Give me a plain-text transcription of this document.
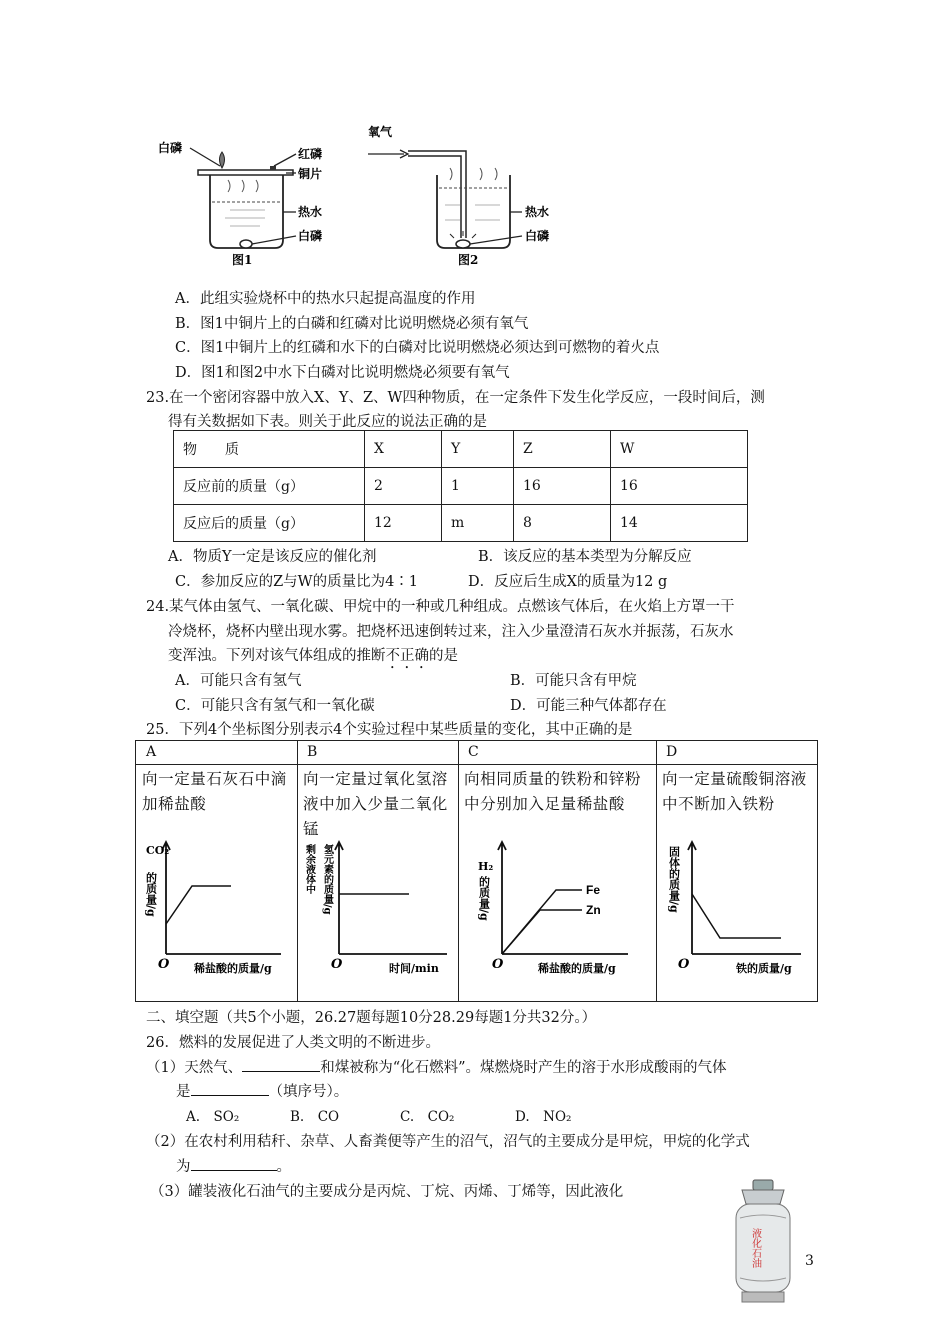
白磷	红磷
铜片
热水
白磷
图1
氧气
热水
白磷
图2
A．此组实验烧杯中的热水只起提高温度的作用
B．图1中铜片上的白磷和红磷对比说明燃烧必须有氧气
C．图1中铜片上的红磷和水下的白磷对比说明燃烧必须达到可燃物的着火点
D．图1和图2中水下白磷对比说明燃烧必须要有氧气
23.在一个密闭容器中放入X、Y、Z、W四种物质，在一定条件下发生化学反应，一段时间后，测
得有关数据如下表。则关于此反应的说法正确的是
物　　质	X	Y	Z	W
反应前的质量（g）	2	1	16	16
反应后的质量（g）	12	m	8	14
A．物质Y一定是该反应的催化剂	B．该反应的基本类型为分解反应
C．参加反应的Z与W的质量比为4∶1	D．反应后生成X的质量为12 g
24.某气体由氢气、一氧化碳、甲烷中的一种或几种组成。点燃该气体后，在火焰上方罩一干
冷烧杯，烧杯内壁出现水雾。把烧杯迅速倒转过来，注入少量澄清石灰水并振荡，石灰水
变浑浊。下列对该气体组成的推断不正确的是
A．可能只含有氢气	B．可能只含有甲烷
C．可能只含有氢气和一氧化碳	D．可能三种气体都存在
25．下列4个坐标图分别表示4个实验过程中某些质量的变化，其中正确的是
A
向一定量石灰石中滴加稀盐酸
CO₂
的质量/g
O 稀盐酸的质量/g
B
向一定量过氧化氢溶液中加入少量二氧化锰
剩余液体中 氢元素的质量/g
O	时间/min
C
向相同质量的铁粉和锌粉中分别加入足量稀盐酸
Fe
Zn
H₂
的质量/g
O	稀盐酸的质量/g
D
向一定量硫酸铜溶液中不断加入铁粉
固体的质量/g
O	铁的质量/g
二、填空题（共5个小题，26.27题每题10分28.29每题1分共32分。）
26．燃料的发展促进了人类文明的不断进步。
（1）天然气、	和煤被称为“化石燃料”。煤燃烧时产生的溶于水形成酸雨的气体
是	（填序号）。
A.　SO₂	B.　CO	C.　CO₂	D.　NO₂
（2）在农村利用秸秆、杂草、人畜粪便等产生的沼气，沼气的主要成分是甲烷，甲烷的化学式
为	。
（3）罐装液化石油气的主要成分是丙烷、丁烷、丙烯、丁烯等，因此液化
液化石油	3
